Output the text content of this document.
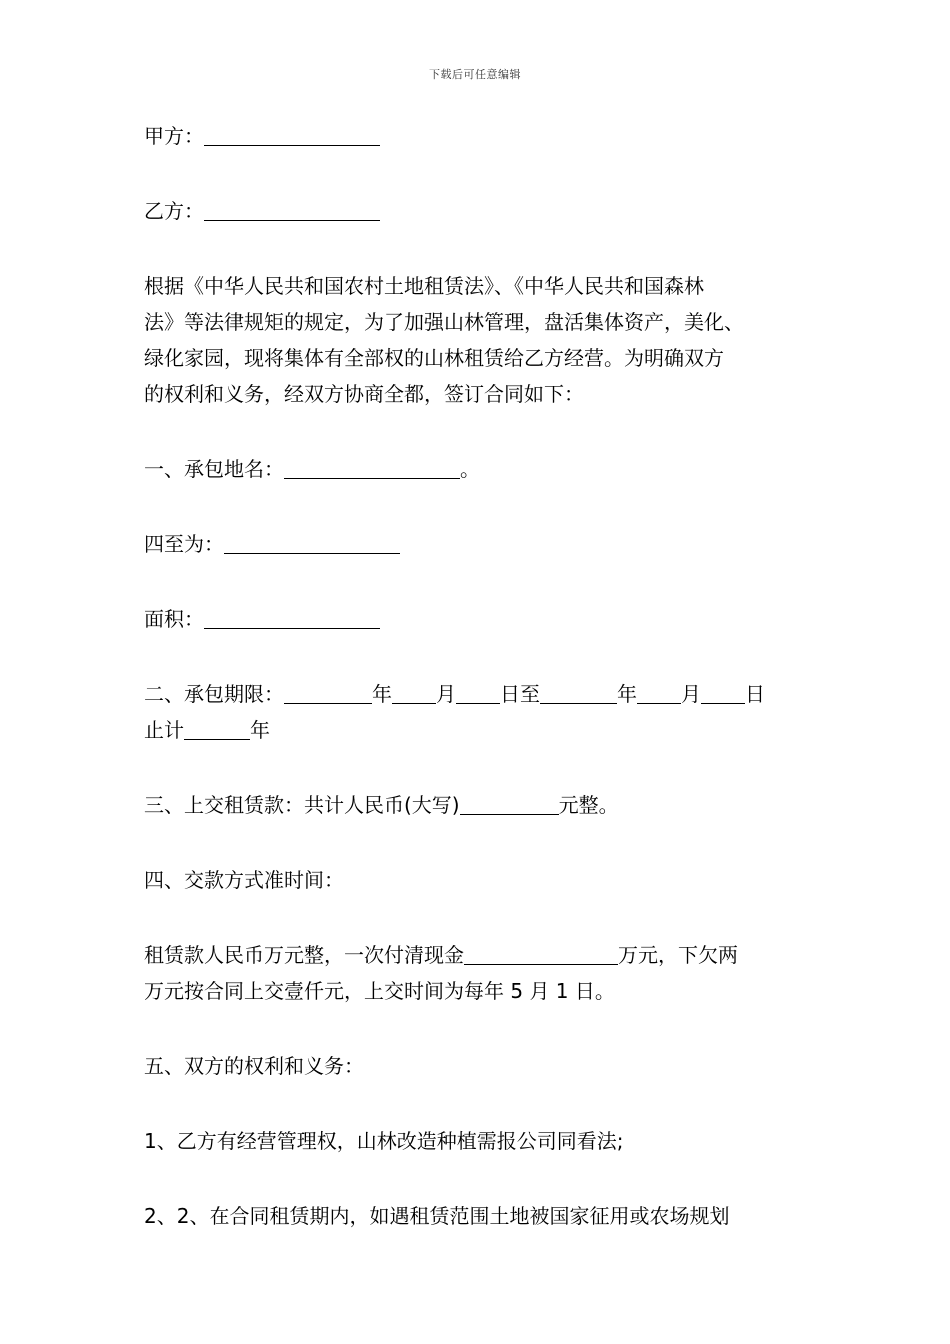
下载后可任意编辑

甲方：

乙方：

根据《中华人民共和国农村土地租赁法》、《中华人民共和国森林

法》等法律规矩的规定，为了加强山林管理，盘活集体资产，美化、

绿化家园，现将集体有全部权的山林租赁给乙方经营。为明确双方

的权利和义务，经双方协商全都，签订合同如下：

一、承包地名：	。

四至为：

面积：

二、承包期限：	年 月 日至	年 月 日

止计	年

三、上交租赁款：共计人民币(大写)	元整。

四、交款方式准时间：

租赁款人民币万元整，一次付清现金	万元，下欠两

万元按合同上交壹仟元，上交时间为每年 5 月 1 日。

五、双方的权利和义务：

1、乙方有经营管理权，山林改造种植需报公司同看法;

2、2、在合同租赁期内，如遇租赁范围土地被国家征用或农场规划
